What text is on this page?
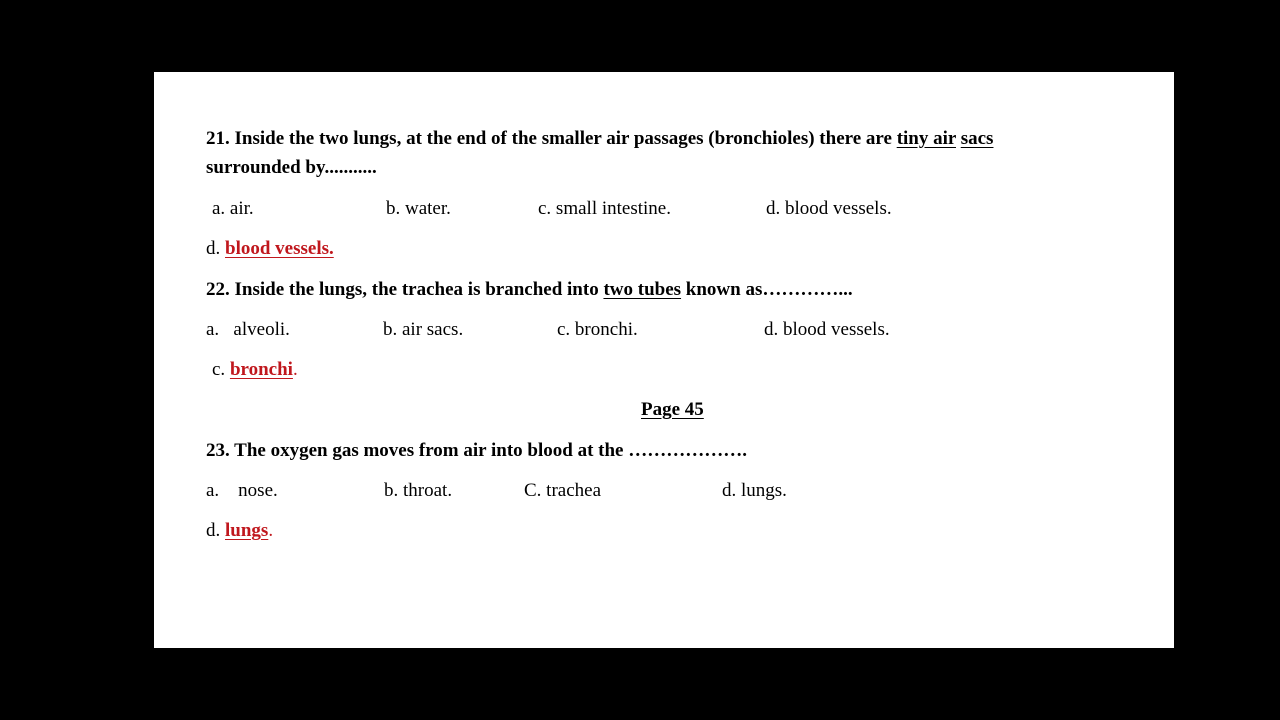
21. Inside the two lungs, at the end of the smaller air passages (bronchioles) there are tiny air sacs
surrounded by...........
a. air.	b. water.	c. small intestine.	d. blood vessels.
d. blood vessels.
22. Inside the lungs, the trachea is branched into two tubes known as…………...
a.   alveoli.	b. air sacs.	c. bronchi.	d. blood vessels.
c. bronchi.
Page 45
23. The oxygen gas moves from air into blood at the ……………….
a.    nose.	b. throat.	C. trachea	d. lungs.
d. lungs.
